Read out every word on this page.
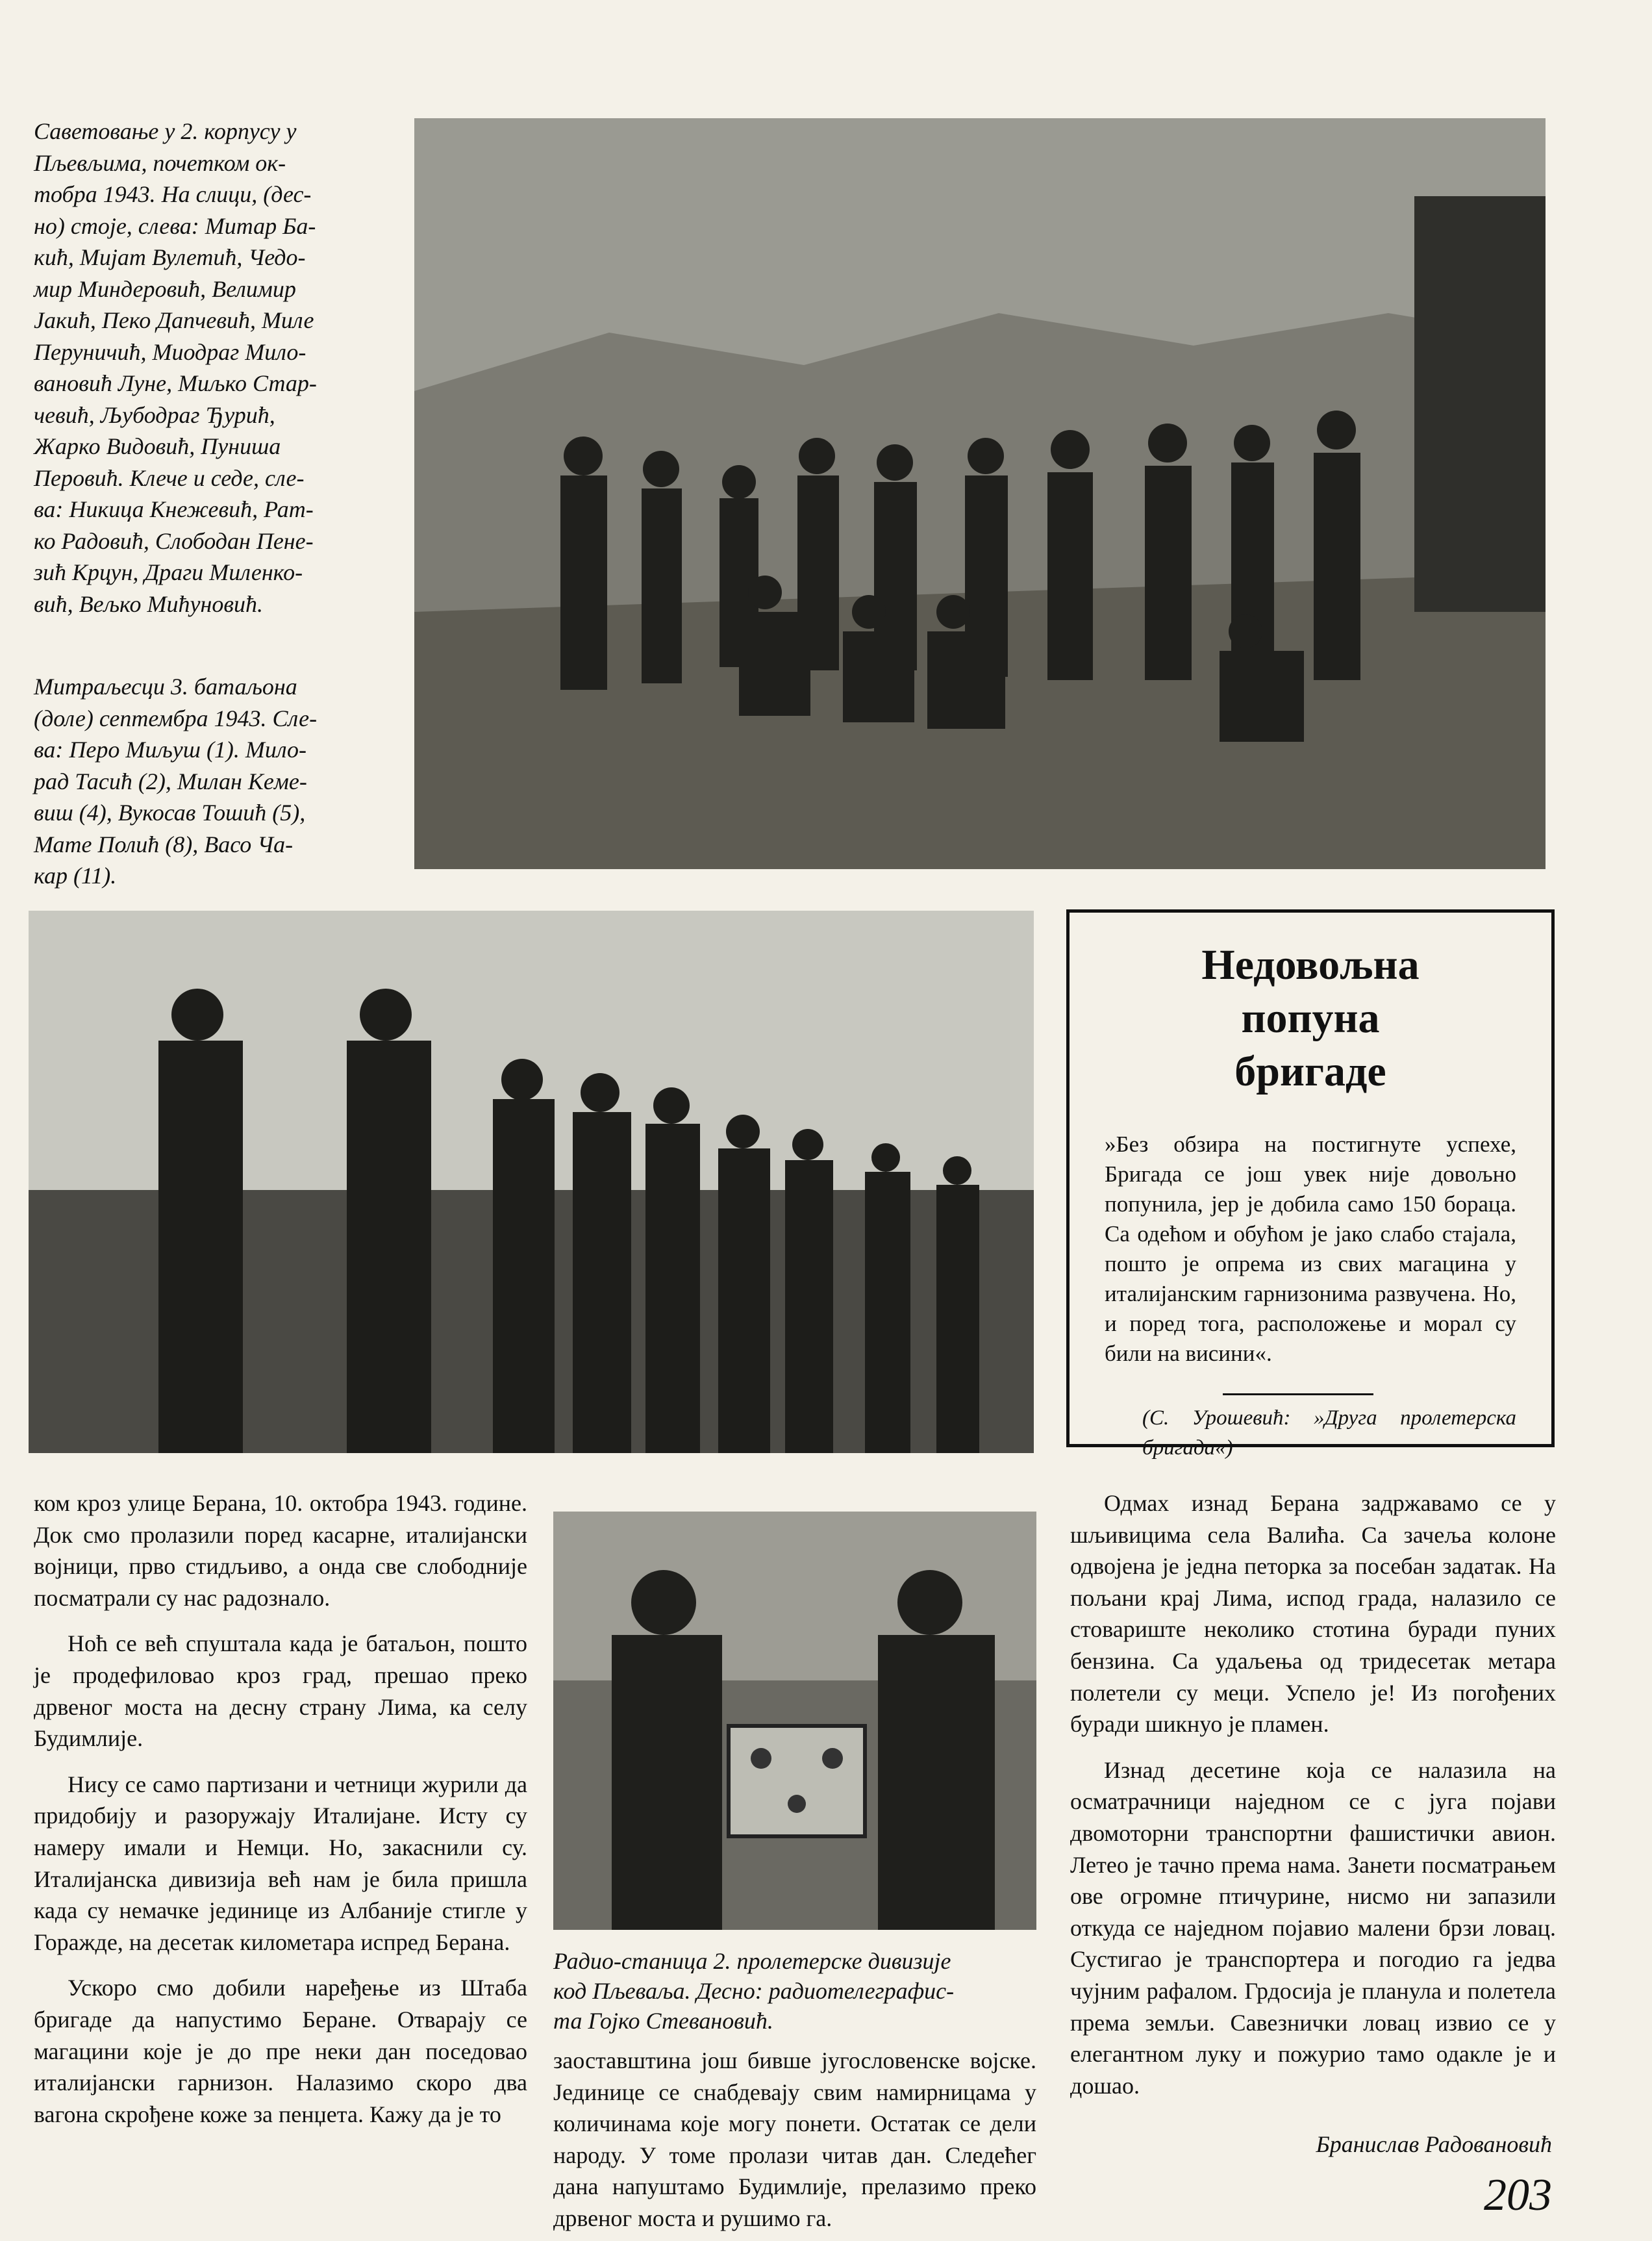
Саветовање у 2. корпусу у

Пљевљима, почетком ок-

тобра 1943. На слици, (дес-

но) стоје, слева: Митар Ба-

кић, Мијат Вулетић, Чедо-

мир Миндеровић, Велимир

Јакић, Пеко Дапчевић, Миле

Перуничић, Миодраг Мило-

вановић Луне, Миљко Стар-

чевић, Љубодраг Ђурић,

Жарко Видовић, Пуниша

Перовић. Клече и седе, сле-

ва: Никица Кнежевић, Рат-

ко Радовић, Слободан Пене-

зић Крцун, Драги Миленко-

вић, Вељко Мићуновић.

Митраљесци 3. батаљона

(доле) септембра 1943. Сле-

ва: Перо Миљуш (1). Мило-

рад Тасић (2), Милан Keме-

виш (4), Вукосав Тошић (5),

Мате Полић (8), Васо Ча-

кар (11).

Недовољна
попуна
бригаде
»Без обзира на постигнуте успехе, Бригада се још увек није довољно попунила, јер је добила само 150 бораца. Са одећом и обућом је јако слабо стајала, пошто је опрема из свих магацина у италијанским гарнизонима развучена. Но, и поред тога, расположење и морал су били на висини«.
(С. Урошевић: »Друга пролетерска бригада«)

ком кроз улице Берана, 10. октобра 1943. године. Док смо пролазили поред касарне, италијански војници, прво стидљиво, а онда све слободније посматрали су нас радознало.

Ноћ се већ спуштала када је батаљон, пошто је продефиловао кроз град, прешао преко дрвеног моста на десну страну Лима, ка селу Будимлије.

Нису се само партизани и четници журили да придобију и разоружају Италијане. Исту су намеру имали и Немци. Но, закаснили су. Италијанска дивизија већ нам је била пришла када су немачке јединице из Албаније стигле у Горажде, на десетак километара испред Берана.

Ускоро смо добили наређење из Штаба бригаде да напустимо Беране. Отварају се магацини које је до пре неки дан поседовао италијански гарнизон. Налазимо скоро два вагона скрођене коже за пенџета. Кажу да је то

Радио-станица 2. пролетерске дивизије

код Пљеваља. Десно: радиотелеграфис-

та Гојко Стевановић.

заоставштина још бивше југословенске војске. Јединице се снабдевају свим намирницама у количинама које могу понети. Остатак се дели народу. У томе пролази читав дан. Следећег дана напуштамо Будимлије, прелазимо преко дрвеног моста и рушимо га.

Одмах изнад Берана задржавамо се у шљивицима села Валића. Са зачеља колоне одвојена је једна петорка за посебан задатак. На пољани крај Лима, испод града, налазило се стовариште неколико стотина буради пуних бензина. Са удаљења од тридесетак метара полетели су мeци. Успело је! Из погођених буради шикнуо је пламен.

Изнад десетине која се налазила на осматрачници наједном се с југа појави двомоторни транспортни фашистички авион. Летео је тачно према нама. Занети посматрањем ове огромне птичурине, нисмо ни запазили откуда се наједном појавио мaлени брзи ловац. Сустигао је транспортера и погодио га једва чујним рафалом. Грдосија је планула и полетела према земљи. Савезнички ловац извио се у елегантном луку и пожурио тамо одакле је и дошао.

Бранислав Радовановић
203
